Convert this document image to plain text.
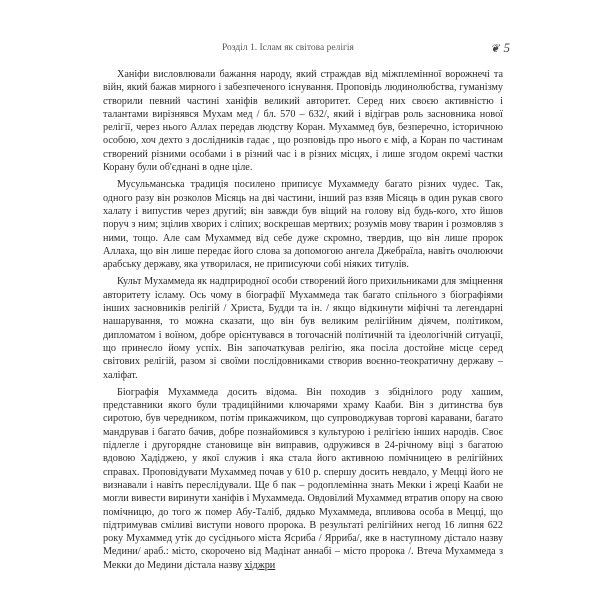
Розділ 1. Іслам як світова релігія	❦ 5

Ханіфи висловлювали бажання народу, який страждав від міжплемінної ворожнечі та війн, який бажав мирного і забезпеченого існування. Проповідь людинолюбства, гуманізму створили певний частині ханіфів великий авторитет. Серед них своєю активністю і талантами вирізнявся Мухам мед / бл. 570 – 632/, який і відіграв роль засновника нової релігії, через нього Аллах передав людству Коран. Мухаммед був, безперечно, історичною особою, хоч дехто з дослідників гадає , що розповідь про нього є міф, а Коран по частинам створений різними особами і в різний час і в різних місцях, і лише згодом окремі частки Корану були об'єднані в одне ціле.

Мусульманська традиція посилено приписує Мухаммеду багато різних чудес. Так, одного разу він розколов Місяць на дві частини, інший раз взяв Місяць в один рукав свого халату і випустив через другий; він завжди був віщий на голову від будь-кого, хто йшов поруч з ним; зцілив хворих і сліпих; воскрешав мертвих; розумів мову тварин і розмовляв з ними, тощо. Але сам Мухаммед від себе дуже скромно, твердив, що він лише пророк Аллаха, що він лише передає його слова за допомогою ангела Джебраїла, навіть очолюючи арабську державу, яка утворилася, не приписуючи собі ніяких титулів.

Культ Мухаммеда як надприродної особи створений його прихильниками для зміцнення авторитету ісламу. Ось чому в біографії Мухаммеда так багато спільного з біографіями інших засновників релігій / Христа, Будди та ін. / якщо відкинути міфічні та легендарні нашарування, то можна сказати, що він був великим релігійним діячем, політиком, дипломатом і воїном, добре орієнтувався в тогочасній політичній та ідеологічній ситуації, що принесло йому успіх. Він започаткував релігію, яка посіла достойне місце серед світових релігій, разом зі своїми послідовниками створив воєнно-теократичну державу – халіфат.

Біографія Мухаммеда досить відома. Він походив з збіднілого роду хашим, представники якого були традиційними ключарями храму Кааби. Він з дитинства був сиротою, був чередником, потім прикажчиком, що супроводжував торгові каравани, багато мандрував і багато бачив, добре познайомився з культурою і релігією інших народів. Своє підлегле і другорядне становище він виправив, одружився в 24-річному віці з багатою вдовою Хадіджею, у якої служив і яка стала його активною помічницею в релігійних справах. Проповідувати Мухаммед почав у 610 р. спершу досить невдало, у Мецці його не визнавали і навіть переслідували. Ще б пак – родоплемінна знать Мекки і жреці Кааби не могли вивести виринути ханіфів і Мухаммеда. Овдовілий Мухаммед втратив опору на свою помічницю, до того ж помер Абу-Таліб, дядько Мухаммеда, впливова особа в Мецці, що підтримував сміливі виступи нового пророка. В результаті релігійних негод 16 липня 622 року Мухаммед утік до сусіднього міста Ясриба / Ярриба/, яке в наступному дістало назву Медини/ араб.: місто, скорочено від Мадінат аннабі – місто пророка /. Втеча Мухаммеда з Мекки до Медини дістала назву хіджри
